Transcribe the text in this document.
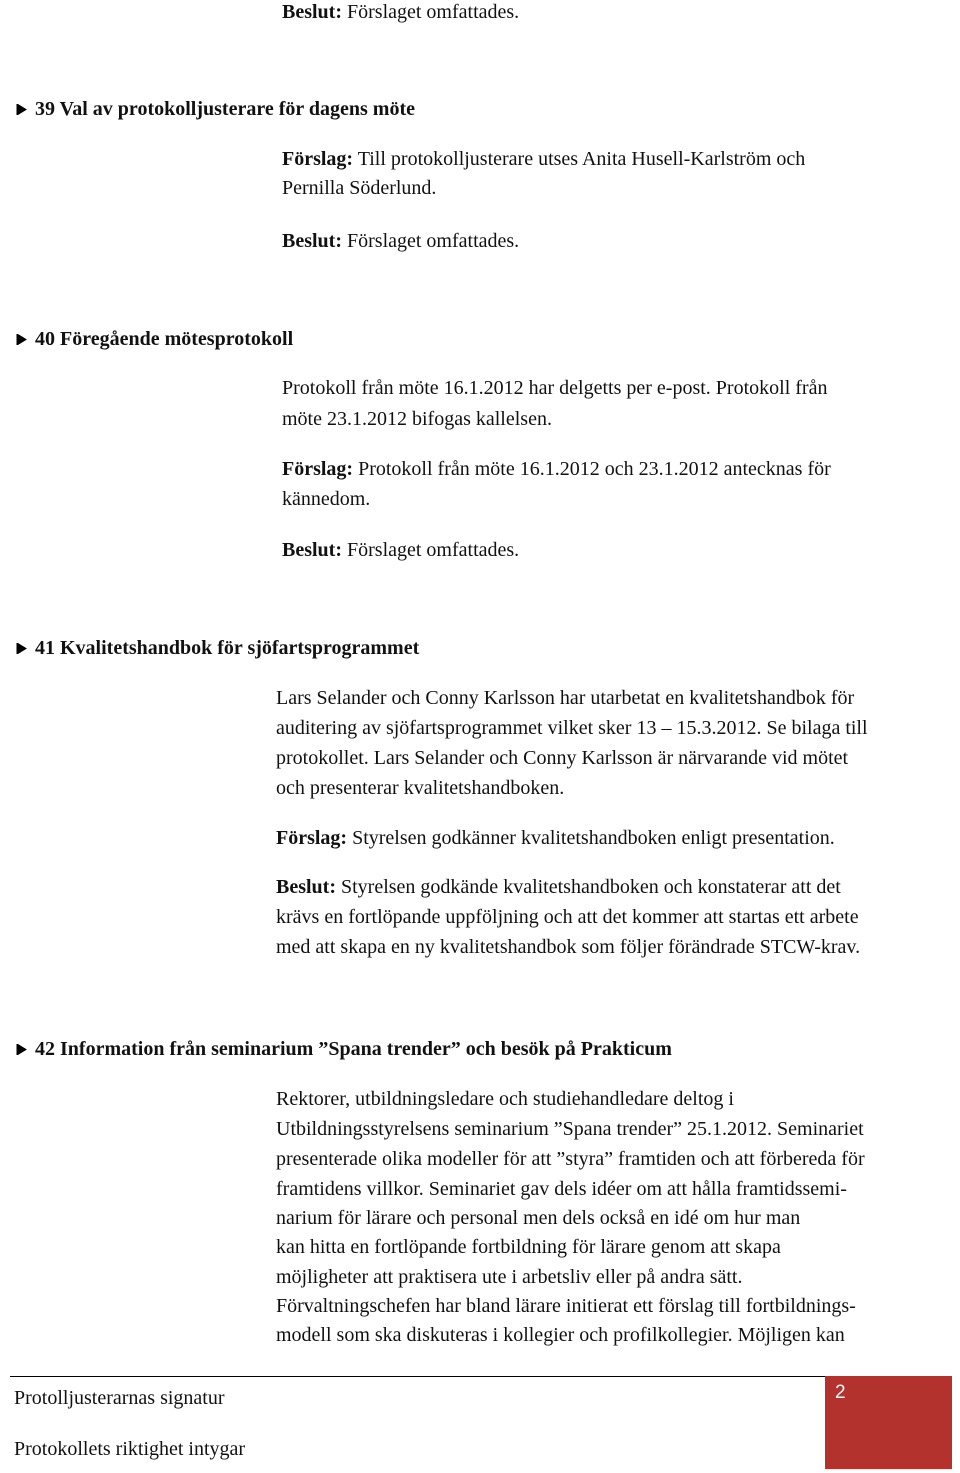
Beslut: Förslaget omfattades.
39 Val av protokolljusterare för dagens möte
Förslag: Till protokolljusterare utses Anita Husell-Karlström och
Pernilla Söderlund.
Beslut: Förslaget omfattades.
40 Föregående mötesprotokoll
Protokoll från möte 16.1.2012 har delgetts per e-post. Protokoll från
möte 23.1.2012 bifogas kallelsen.
Förslag: Protokoll från möte 16.1.2012 och 23.1.2012 antecknas för
kännedom.
Beslut: Förslaget omfattades.
41 Kvalitetshandbok för sjöfartsprogrammet
Lars Selander och Conny Karlsson har utarbetat en kvalitetshandbok för
auditering av sjöfartsprogrammet vilket sker 13 – 15.3.2012. Se bilaga till
protokollet. Lars Selander och Conny Karlsson är närvarande vid mötet
och presenterar kvalitetshandboken.
Förslag: Styrelsen godkänner kvalitetshandboken enligt presentation.
Beslut: Styrelsen godkände kvalitetshandboken och konstaterar att det
krävs en fortlöpande uppföljning och att det kommer att startas ett arbete
med att skapa en ny kvalitetshandbok som följer förändrade STCW-krav.
42 Information från seminarium ”Spana trender” och besök på Prakticum
Rektorer, utbildningsledare och studiehandledare deltog i
Utbildningsstyrelsens seminarium ”Spana trender” 25.1.2012. Seminariet
presenterade olika modeller för att ”styra” framtiden och att förbereda för
framtidens villkor. Seminariet gav dels idéer om att hålla framtidssemi-
narium för lärare och personal men dels också en idé om hur man
kan hitta en fortlöpande fortbildning för lärare genom att skapa
möjligheter att praktisera ute i arbetsliv eller på andra sätt.
Förvaltningschefen har bland lärare initierat ett förslag till fortbildnings-
modell som ska diskuteras i kollegier och profilkollegier. Möjligen kan
Protolljusterarnas signatur
Protokollets riktighet intygar
2
